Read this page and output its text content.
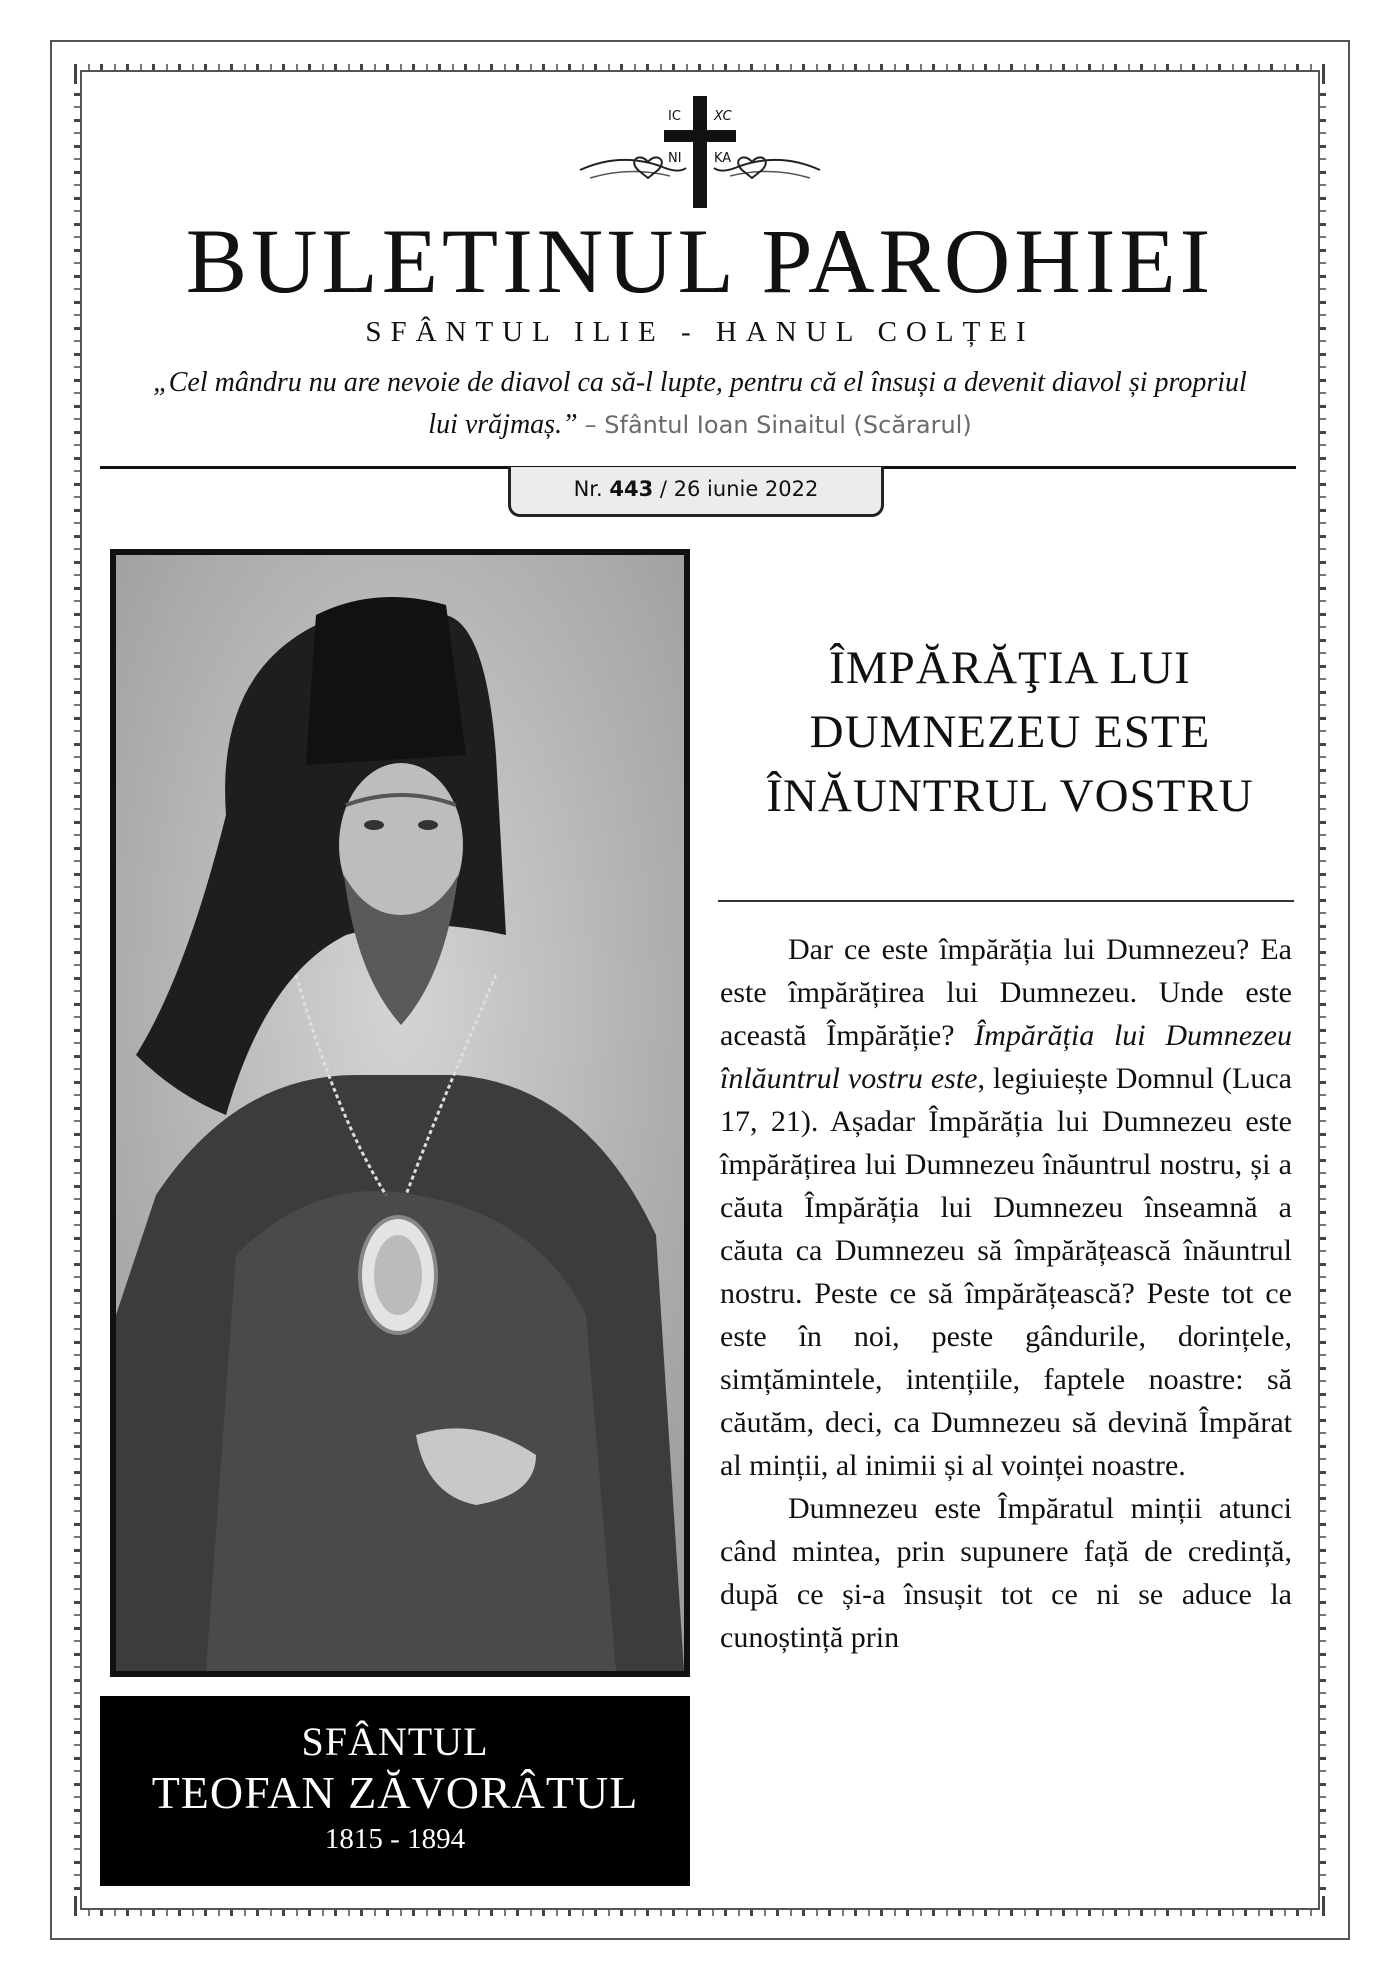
IC	XC
NI KA
BULETINUL PAROHIEI
SFÂNTUL ILIE - HANUL COLȚEI
„Cel mândru nu are nevoie de diavol ca să-l lupte, pentru că el însuși a devenit diavol și propriul lui vrăjmaș.” – Sfântul Ioan Sinaitul (Scărarul)
Nr. 443 / 26 iunie 2022
SFÂNTUL
TEOFAN ZĂVORÂTUL
1815 - 1894
ÎMPĂRĂŢIA LUI DUMNEZEU ESTE ÎNĂUNTRUL VOSTRU

Dar ce este împărăția lui Dumnezeu? Ea este împărățirea lui Dumnezeu. Unde este această Împărăție? Împărăția lui Dumnezeu înlăuntrul vostru este, legiuiește Domnul (Luca 17, 21). Așadar Împărăția lui Dumnezeu este împărățirea lui Dumnezeu înăuntrul nostru, și a căuta Împărăția lui Dumnezeu înseamnă a căuta ca Dumnezeu să împărățească înăuntrul nostru. Peste ce să împărățească? Peste tot ce este în noi, peste gândurile, dorințele, simțămintele, intențiile, faptele noastre: să căutăm, deci, ca Dumnezeu să devină Împărat al minții, al inimii și al voinței noastre.

Dumnezeu este Împăratul minții atunci când mintea, prin supunere față de credință, după ce și-a însușit tot ce ni se aduce la cunoștință prin
